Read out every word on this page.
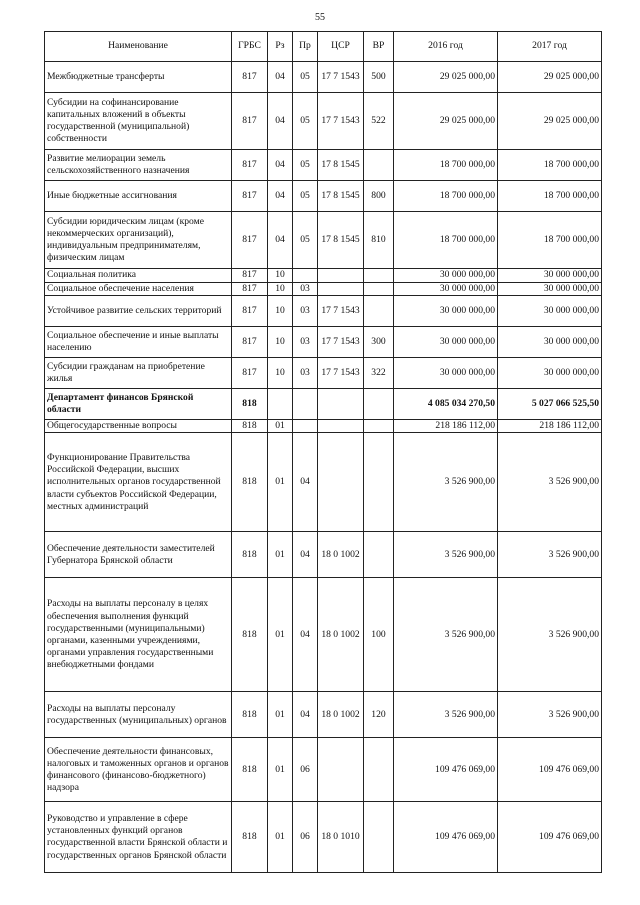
55
Наименование	ГРБС	Рз	Пр	ЦСР	ВР	2016 год	2017 год
Межбюджетные трансферты	817	04	05	17 7 1543	500	29 025 000,00	29 025 000,00
Субсидии на софинансирование капитальных вложений в объекты государственной (муниципальной) собственности	817	04	05	17 7 1543	522	29 025 000,00	29 025 000,00
Развитие мелиорации земель сельскохозяйственного назначения	817	04	05	17 8 1545		18 700 000,00	18 700 000,00
Иные бюджетные ассигнования	817	04	05	17 8 1545	800	18 700 000,00	18 700 000,00
Субсидии юридическим лицам (кроме некоммерческих организаций), индивидуальным предпринимателям, физическим лицам	817	04	05	17 8 1545	810	18 700 000,00	18 700 000,00
Социальная политика	817	10				30 000 000,00	30 000 000,00
Социальное обеспечение населения	817	10	03			30 000 000,00	30 000 000,00
Устойчивое развитие сельских территорий	817	10	03	17 7 1543		30 000 000,00	30 000 000,00
Социальное обеспечение и иные выплаты населению	817	10	03	17 7 1543	300	30 000 000,00	30 000 000,00
Субсидии гражданам на приобретение жилья	817	10	03	17 7 1543	322	30 000 000,00	30 000 000,00
Департамент финансов Брянской области	818					4 085 034 270,50	5 027 066 525,50
Общегосударственные вопросы	818	01				218 186 112,00	218 186 112,00
Функционирование Правительства Российской Федерации, высших исполнительных органов государственной власти субъектов Российской Федерации, местных администраций	818	01	04			3 526 900,00	3 526 900,00
Обеспечение деятельности заместителей Губернатора Брянской области	818	01	04	18 0 1002		3 526 900,00	3 526 900,00
Расходы на выплаты персоналу в целях обеспечения выполнения функций государственными (муниципальными) органами, казенными учреждениями, органами управления государственными внебюджетными фондами	818	01	04	18 0 1002	100	3 526 900,00	3 526 900,00
Расходы на выплаты персоналу государственных (муниципальных) органов	818	01	04	18 0 1002	120	3 526 900,00	3 526 900,00
Обеспечение деятельности финансовых, налоговых и таможенных органов и органов финансового (финансово-бюджетного) надзора	818	01	06			109 476 069,00	109 476 069,00
Руководство и управление в сфере установленных функций органов государственной власти Брянской области и государственных органов Брянской области	818	01	06	18 0 1010		109 476 069,00	109 476 069,00
